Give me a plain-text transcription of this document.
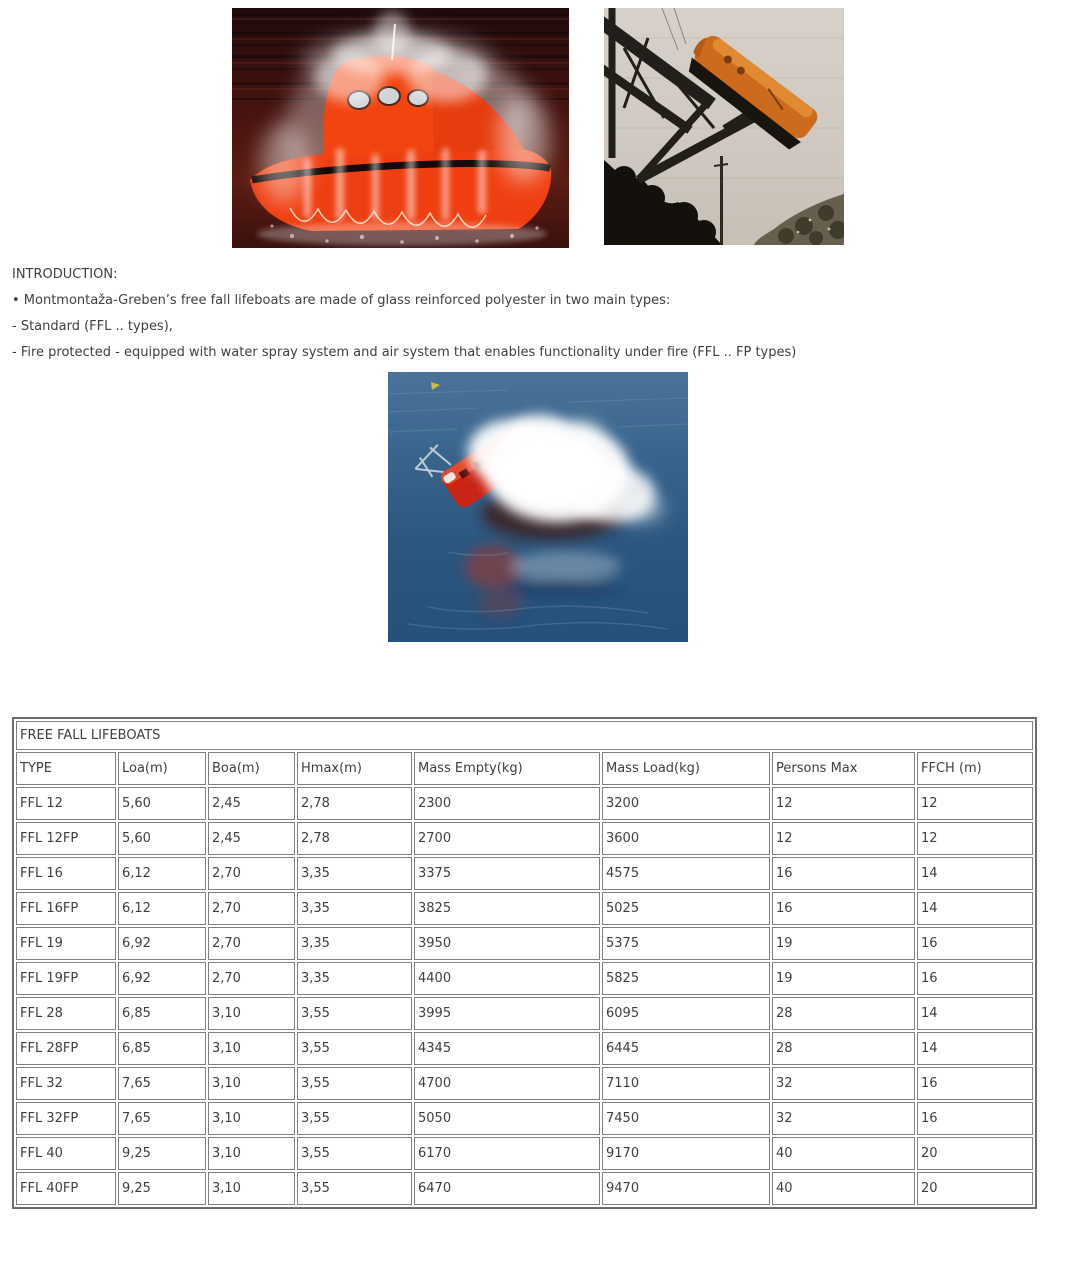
INTRODUCTION:
• Montmontaža-Greben’s free fall lifeboats are made of glass reinforced polyester in two main types:
- Standard (FFL .. types),
- Fire protected - equipped with water spray system and air system that enables functionality under fire (FFL .. FP types)
FREE FALL LIFEBOATS							
TYPE	Loa(m)	Boa(m)	Hmax(m)	Mass Empty(kg)	Mass Load(kg)	Persons Max	FFCH (m)
FFL 12	5,60	2,45	2,78	2300	3200	12	12
FFL 12FP	5,60	2,45	2,78	2700	3600	12	12
FFL 16	6,12	2,70	3,35	3375	4575	16	14
FFL 16FP	6,12	2,70	3,35	3825	5025	16	14
FFL 19	6,92	2,70	3,35	3950	5375	19	16
FFL 19FP	6,92	2,70	3,35	4400	5825	19	16
FFL 28	6,85	3,10	3,55	3995	6095	28	14
FFL 28FP	6,85	3,10	3,55	4345	6445	28	14
FFL 32	7,65	3,10	3,55	4700	7110	32	16
FFL 32FP	7,65	3,10	3,55	5050	7450	32	16
FFL 40	9,25	3,10	3,55	6170	9170	40	20
FFL 40FP	9,25	3,10	3,55	6470	9470	40	20
